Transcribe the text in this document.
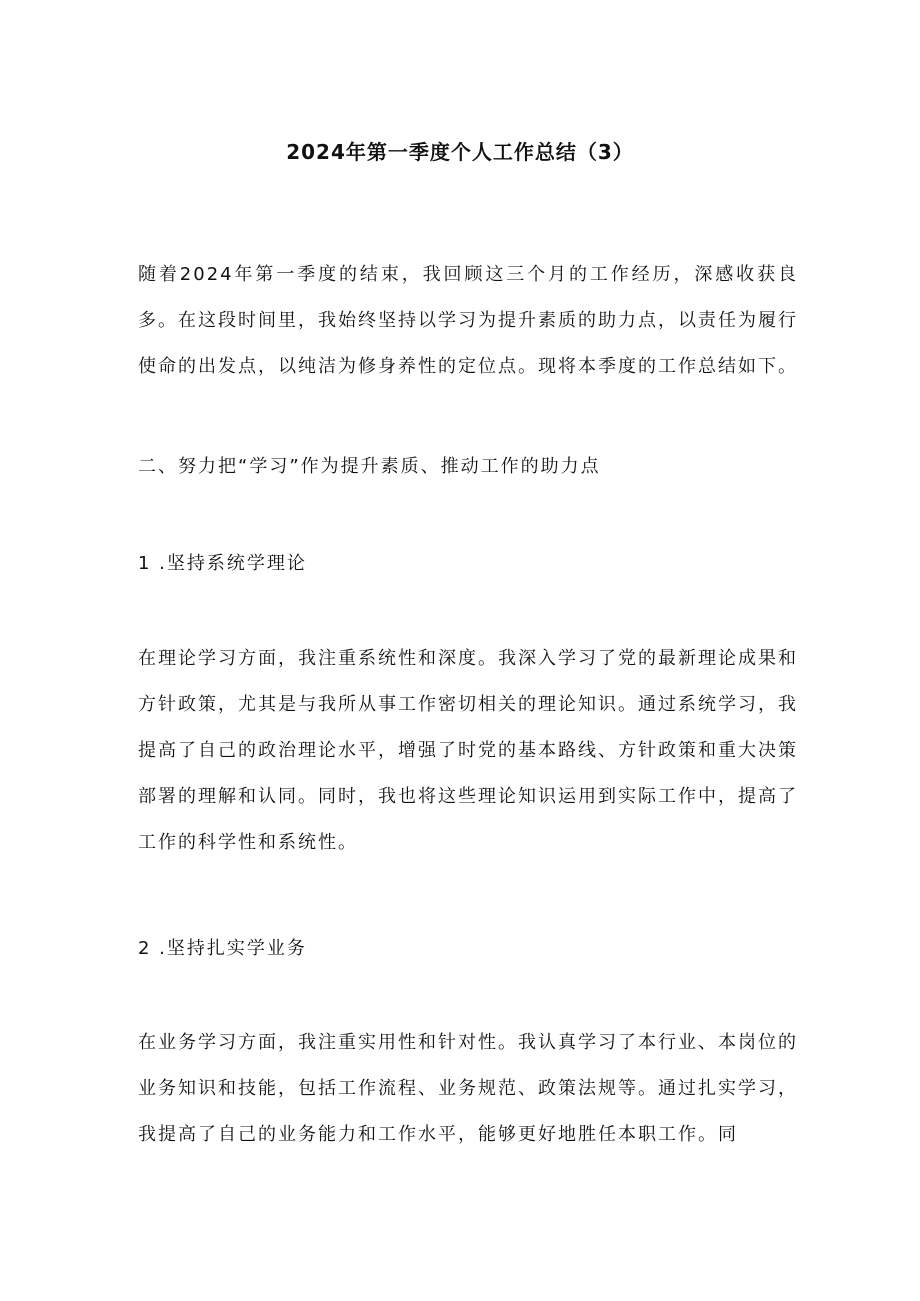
2024年第一季度个人工作总结（3）

随着2024年第一季度的结束，我回顾这三个月的工作经历，深感收获良多。在这段时间里，我始终坚持以学习为提升素质的助力点，以责任为履行使命的出发点，以纯洁为修身养性的定位点。现将本季度的工作总结如下。

二、努力把“学习”作为提升素质、推动工作的助力点

1 .坚持系统学理论

在理论学习方面，我注重系统性和深度。我深入学习了党的最新理论成果和方针政策，尤其是与我所从事工作密切相关的理论知识。通过系统学习，我提高了自己的政治理论水平，增强了时党的基本路线、方针政策和重大决策部署的理解和认同。同时，我也将这些理论知识运用到实际工作中，提高了工作的科学性和系统性。

2 .坚持扎实学业务

在业务学习方面，我注重实用性和针对性。我认真学习了本行业、本岗位的业务知识和技能，包括工作流程、业务规范、政策法规等。通过扎实学习，我提高了自己的业务能力和工作水平，能够更好地胜任本职工作。同
